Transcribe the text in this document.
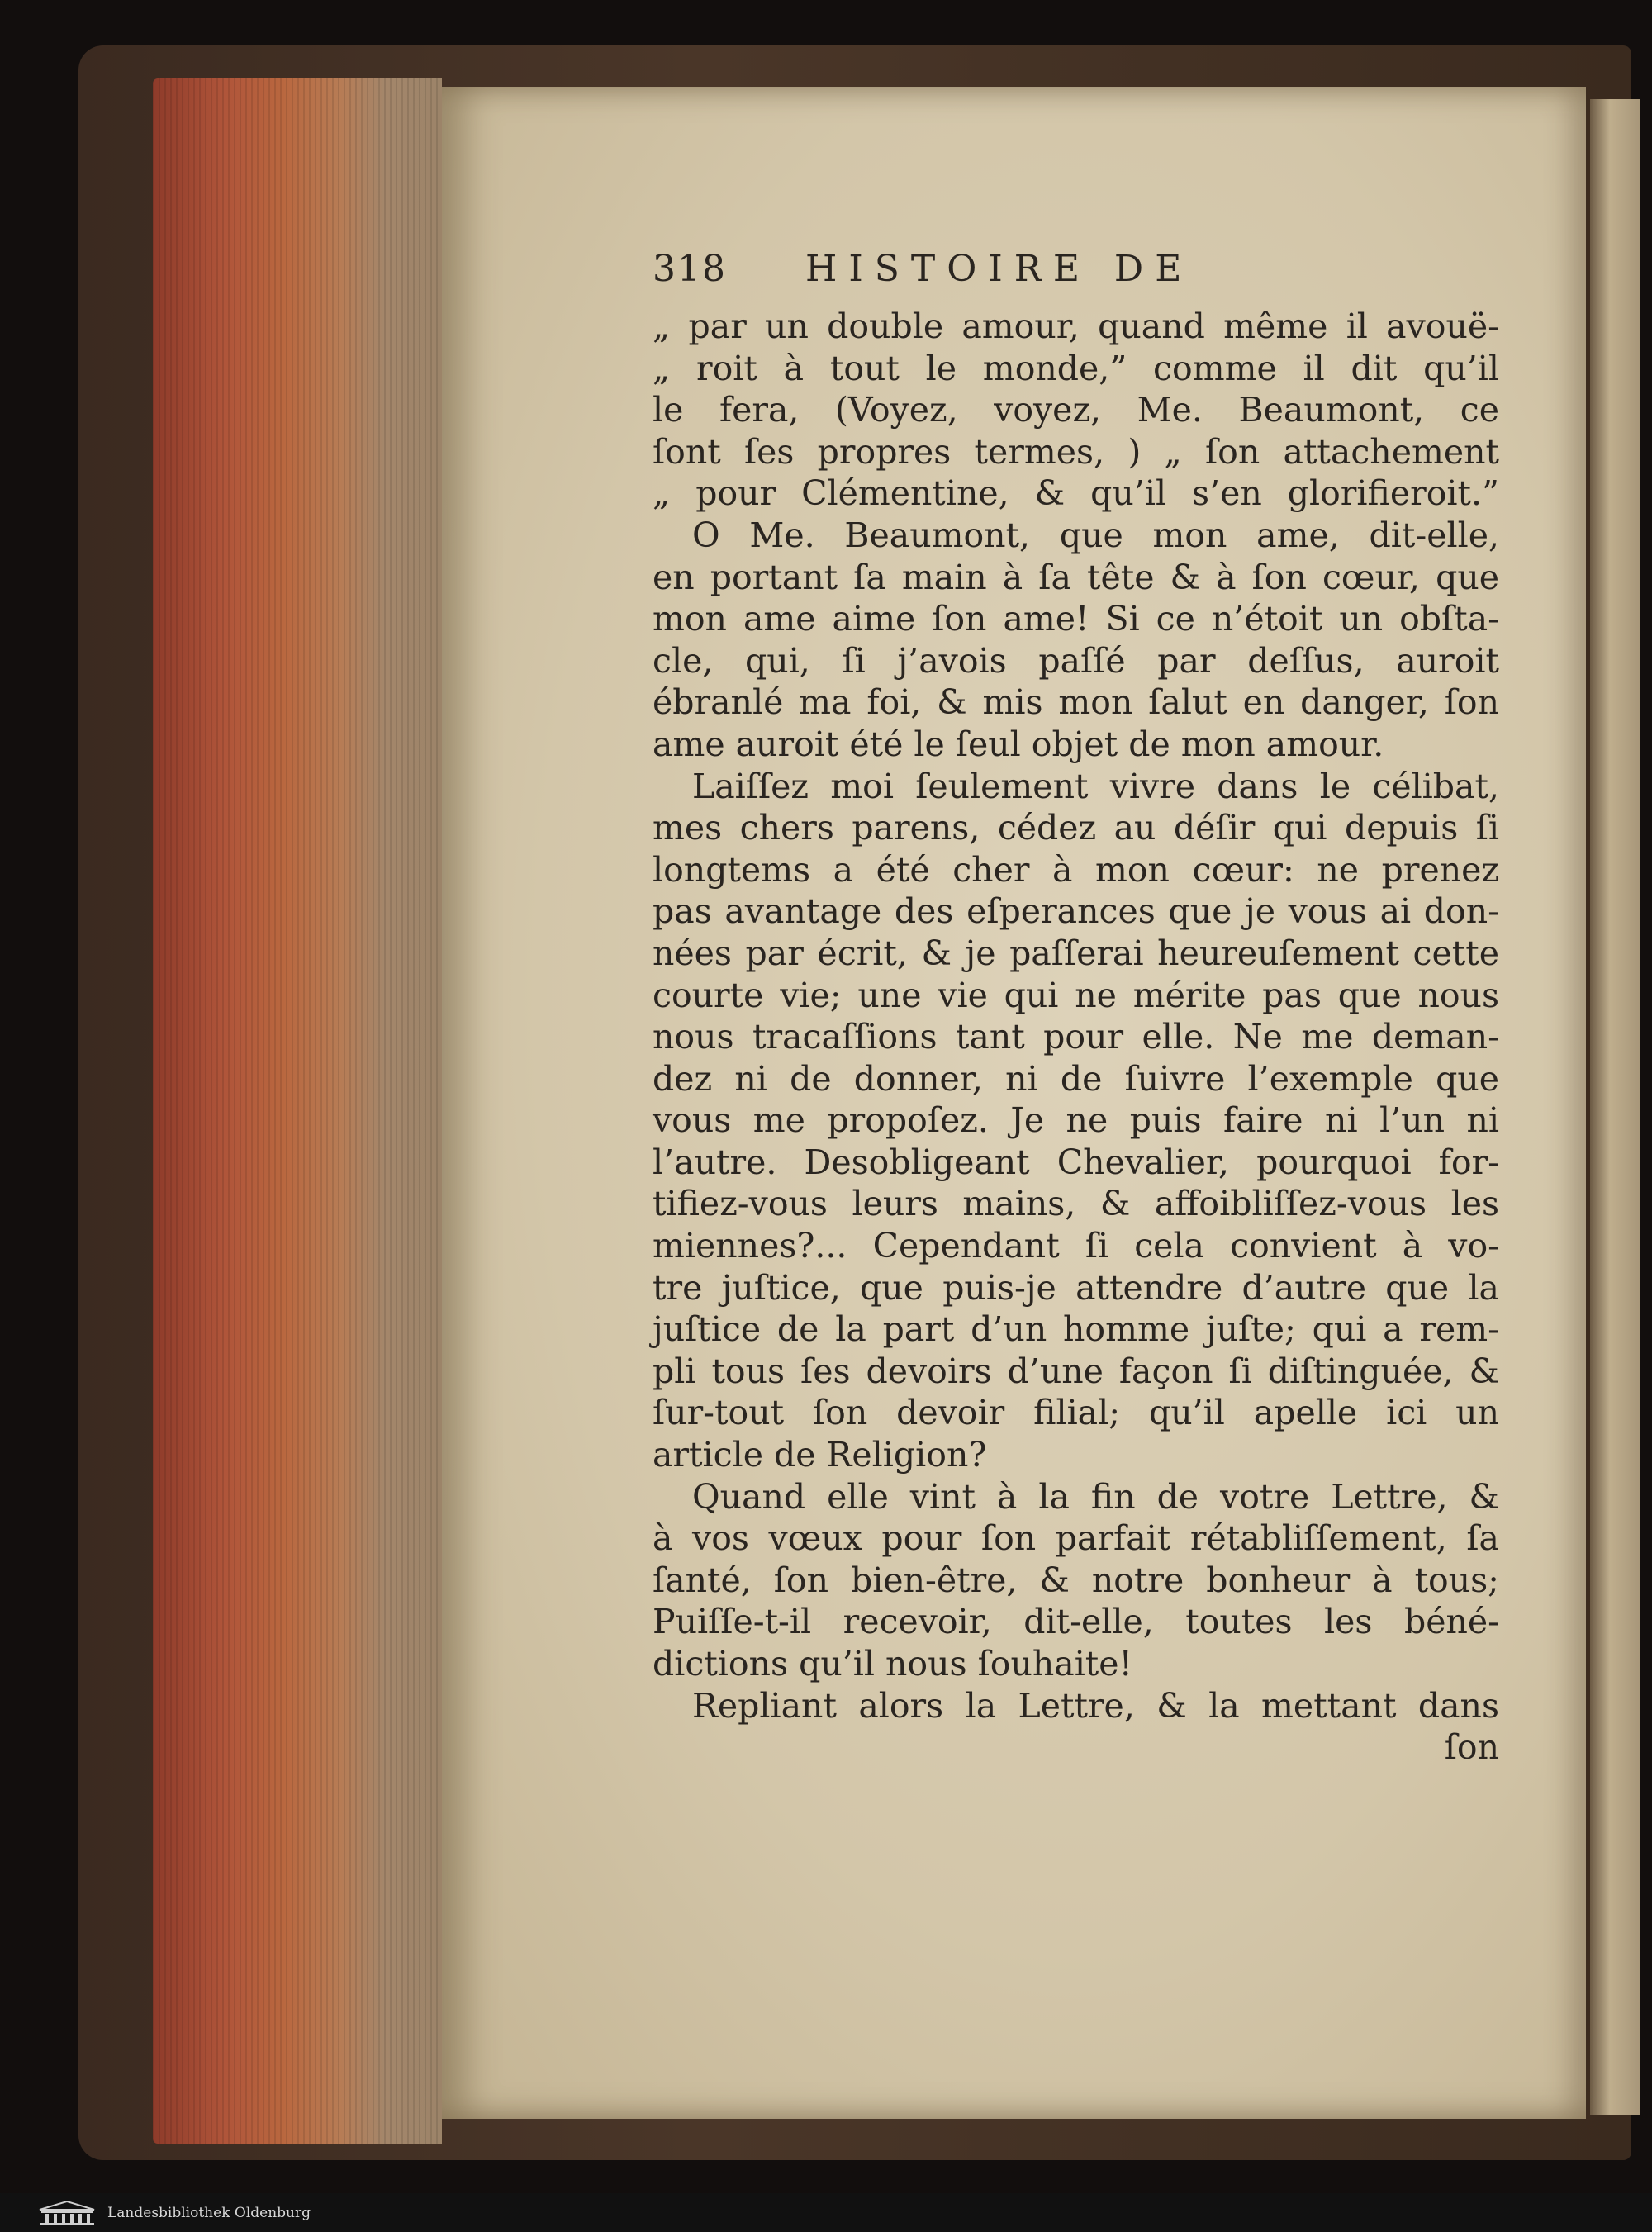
318 HISTOIRE DE
„ par un double amour, quand même il avouë-
„ roit à tout le monde,” comme il dit qu’il
le fera, (Voyez, voyez, Me. Beaumont, ce
ſont ſes propres termes, ) „ ſon attachement
„ pour Clémentine, & qu’il s’en glorifieroit.”
O Me. Beaumont, que mon ame, dit-elle,
en portant ſa main à ſa tête & à ſon cœur, que
mon ame aime ſon ame! Si ce n’étoit un obſta-
cle, qui, ſi j’avois paſſé par deſſus, auroit
ébranlé ma foi, & mis mon ſalut en danger, ſon
ame auroit été le ſeul objet de mon amour.
Laiſſez moi ſeulement vivre dans le célibat,
mes chers parens, cédez au déſir qui depuis ſi
longtems a été cher à mon cœur: ne prenez
pas avantage des eſperances que je vous ai don-
nées par écrit, & je paſſerai heureuſement cette
courte vie; une vie qui ne mérite pas que nous
nous tracaſſions tant pour elle. Ne me deman-
dez ni de donner, ni de ſuivre l’exemple que
vous me propoſez. Je ne puis faire ni l’un ni
l’autre. Desobligeant Chevalier, pourquoi for-
tifiez-vous leurs mains, & affoibliſſez-vous les
miennes?... Cependant ſi cela convient à vo-
tre juſtice, que puis-je attendre d’autre que la
juſtice de la part d’un homme juſte; qui a rem-
pli tous ſes devoirs d’une façon ſi diſtinguée, &
ſur-tout ſon devoir filial; qu’il apelle ici un
article de Religion?
Quand elle vint à la fin de votre Lettre, &
à vos vœux pour ſon parfait rétabliſſement, ſa
ſanté, ſon bien-être, & notre bonheur à tous;
Puiſſe-t-il recevoir, dit-elle, toutes les béné-
dictions qu’il nous ſouhaite!
Repliant alors la Lettre, & la mettant dans
ſon
Landesbibliothek Oldenburg
